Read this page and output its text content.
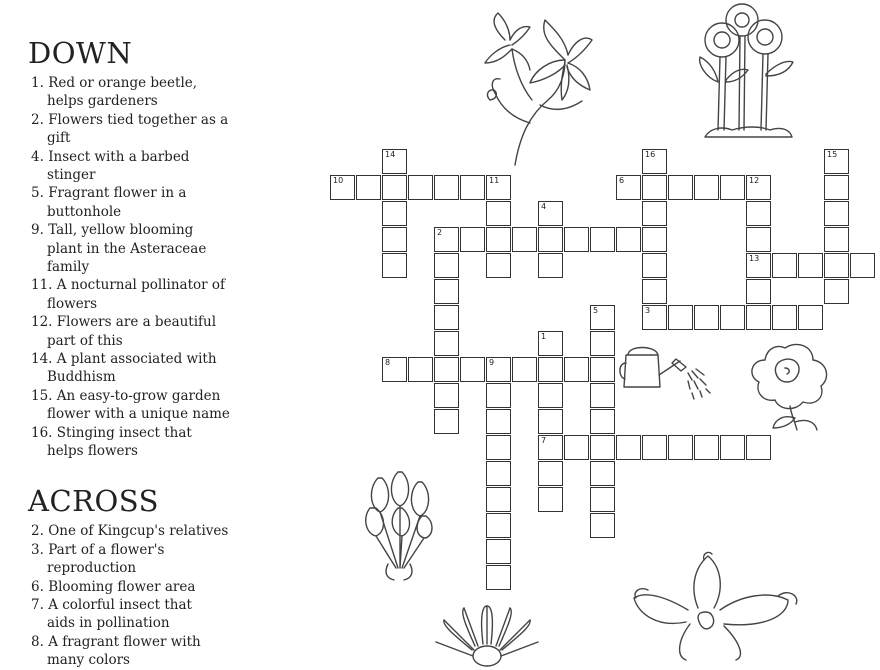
DOWN
1. Red or orange beetle,
helps gardeners
2. Flowers tied together as a
gift
4. Insect with a barbed
stinger
5. Fragrant flower in a
buttonhole
9. Tall, yellow blooming
plant in the Asteraceae
family
11. A nocturnal pollinator of
flowers
12. Flowers are a beautiful
part of this
14. A plant associated with
Buddhism
15. An easy-to-grow garden
flower with a unique name
16. Stinging insect that
helps flowers
ACROSS
2. One of Kingcup's relatives
3. Part of a flower's
reproduction
6. Blooming flower area
7. A colorful insect that
aids in pollination
8. A fragrant flower with
many colors
10	11
14
2
4
6	12
16
13
15
3
5
8	9
1
7
